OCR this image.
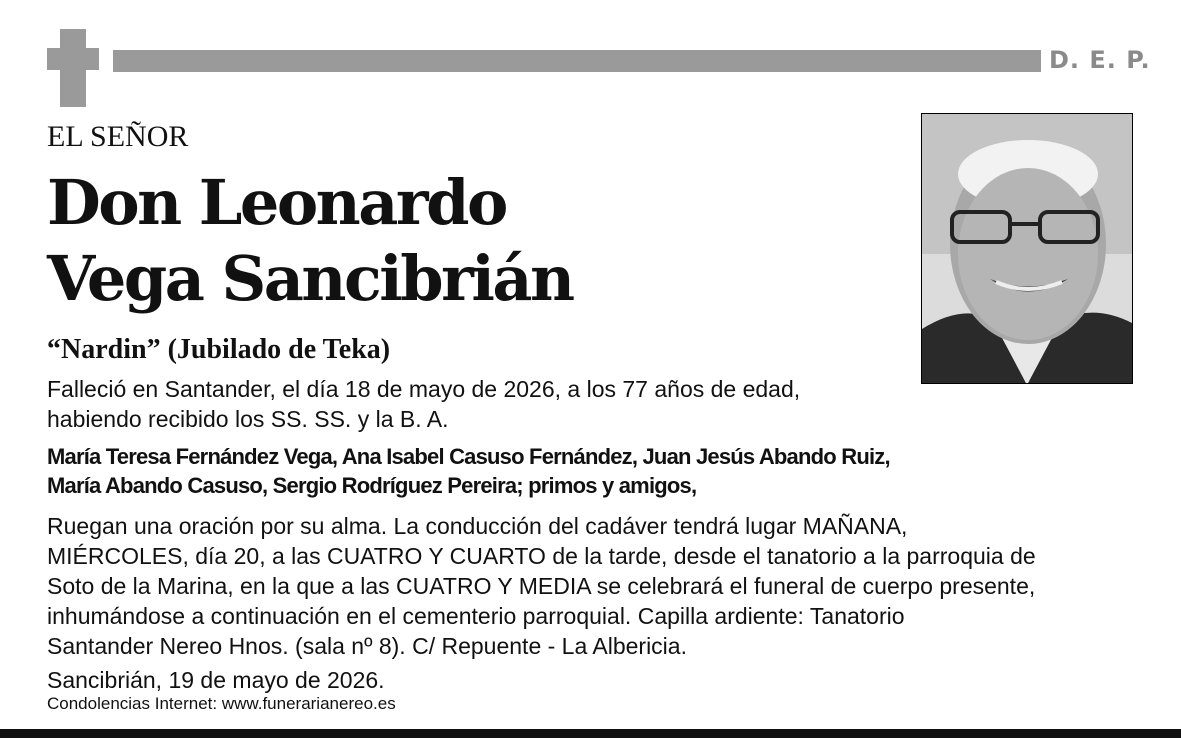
D. E. P.
EL SEÑOR
Don Leonardo
Vega Sancibrián
“Nardin” (Jubilado de Teka)
Falleció en Santander, el día 18 de mayo de 2026, a los 77 años de edad,
habiendo recibido los SS. SS. y la B. A.
María Teresa Fernández Vega, Ana Isabel Casuso Fernández, Juan Jesús Abando Ruiz,
María Abando Casuso, Sergio Rodríguez Pereira; primos y amigos,
Ruegan una oración por su alma. La conducción del cadáver tendrá lugar MAÑANA,
MIÉRCOLES, día 20, a las CUATRO Y CUARTO de la tarde, desde el tanatorio a la parroquia de
Soto de la Marina, en la que a las CUATRO Y MEDIA se celebrará el funeral de cuerpo presente,
inhumándose a continuación en el cementerio parroquial. Capilla ardiente: Tanatorio
Santander Nereo Hnos. (sala nº 8). C/ Repuente - La Albericia.
Sancibrián, 19 de mayo de 2026.
Condolencias Internet: www.funerarianereo.es
